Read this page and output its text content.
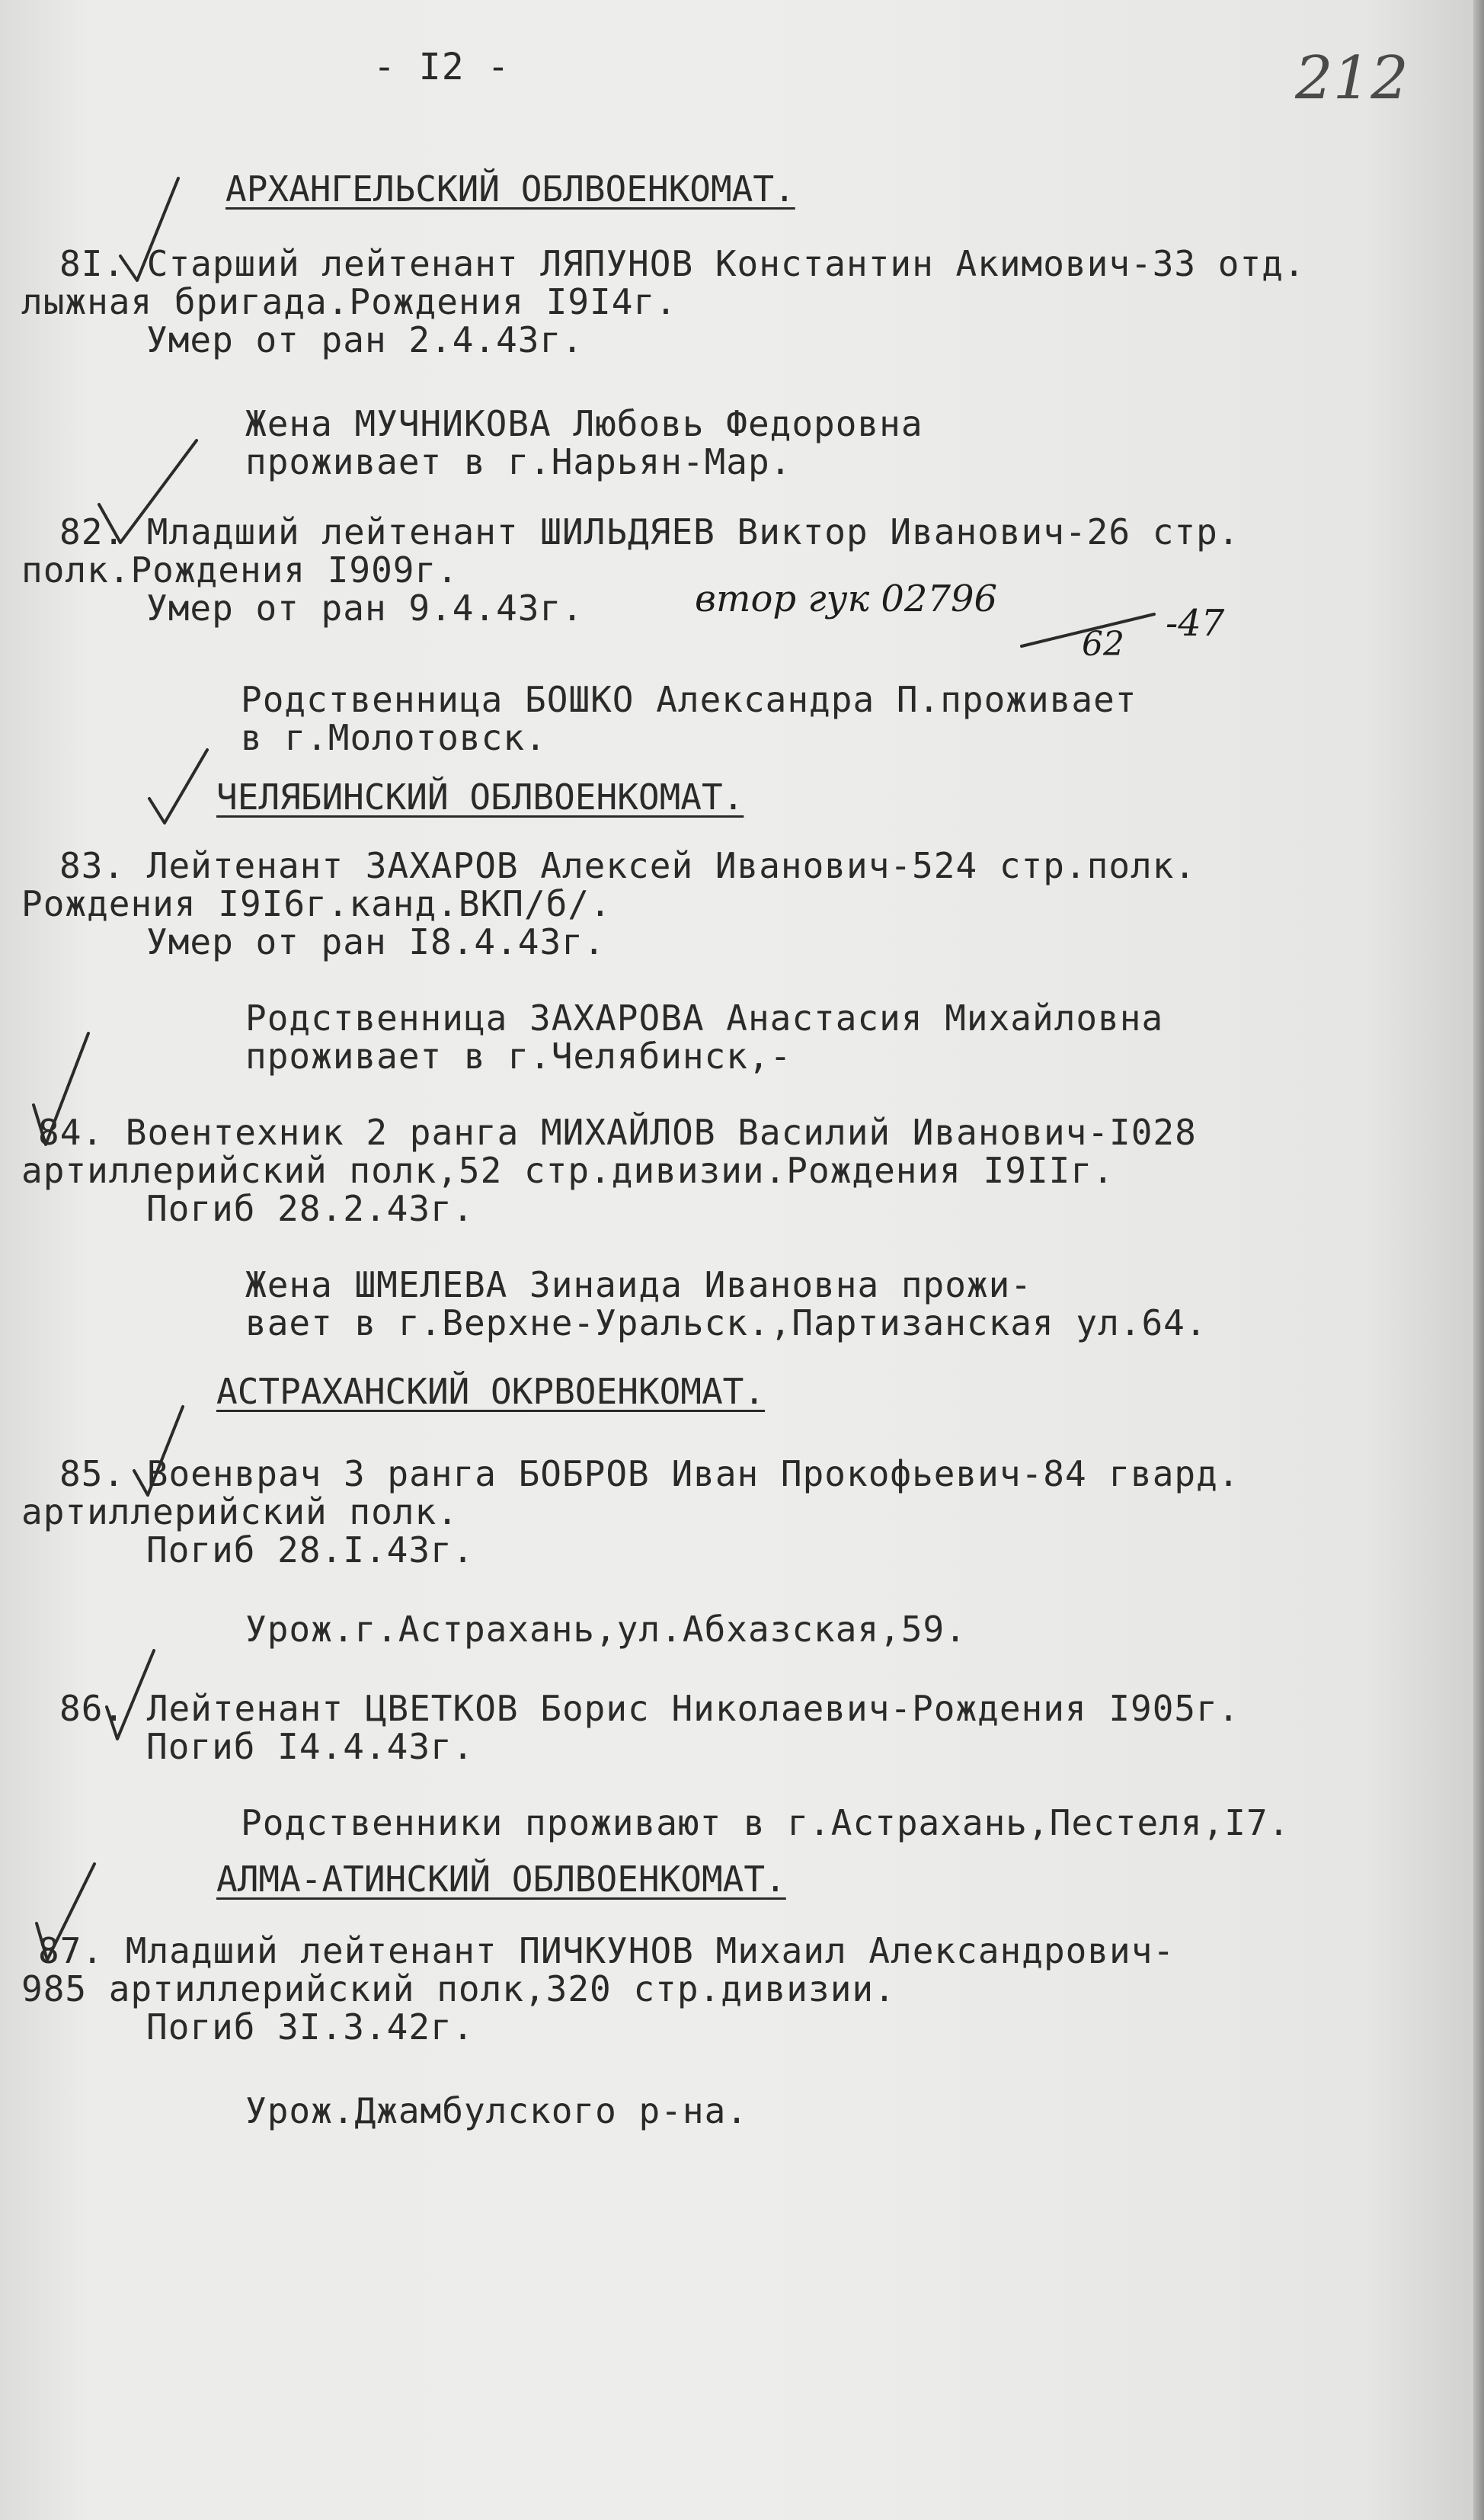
- I2 -	212
АРХАНГЕЛЬСКИЙ ОБЛВОЕНКОМАТ.
8I. Старший лейтенант ЛЯПУНОВ Константин Акимович-33 отд.
лыжная бригада.Рождения I9I4г.
Умер от ран 2.4.43г.
Жена МУЧНИКОВА Любовь Федоровна
проживает в г.Нарьян-Мар.
82. Младший лейтенант ШИЛЬДЯЕВ Виктор Иванович-26 стр.
полк.Рождения I909г.
Умер от ран 9.4.43г.	втор гук 02796
62 -47
Родственница БОШКО Александра П.проживает
в г.Молотовск.
ЧЕЛЯБИНСКИЙ ОБЛВОЕНКОМАТ.
83. Лейтенант ЗАХАРОВ Алексей Иванович-524 стр.полк.
Рождения I9I6г.канд.ВКП/б/.
Умер от ран I8.4.43г.
Родственница ЗАХАРОВА Анастасия Михайловна
проживает в г.Челябинск,-
84. Воентехник 2 ранга МИХАЙЛОВ Василий Иванович-I028
артиллерийский полк,52 стр.дивизии.Рождения I9IIг.
Погиб 28.2.43г.
Жена ШМЕЛЕВА Зинаида Ивановна прожи-
вает в г.Верхне-Уральск.,Партизанская ул.64.
АСТРАХАНСКИЙ ОКРВОЕНКОМАТ.
85. Военврач 3 ранга БОБРОВ Иван Прокофьевич-84 гвард.
артиллерийский полк.
Погиб 28.I.43г.
Урож.г.Астрахань,ул.Абхазская,59.
86. Лейтенант ЦВЕТКОВ Борис Николаевич-Рождения I905г.
Погиб I4.4.43г.
Родственники проживают в г.Астрахань,Пестеля,I7.
АЛМА-АТИНСКИЙ ОБЛВОЕНКОМАТ.
87. Младший лейтенант ПИЧКУНОВ Михаил Александрович-
985 артиллерийский полк,320 стр.дивизии.
Погиб 3I.3.42г.
Урож.Джамбулского р-на.
